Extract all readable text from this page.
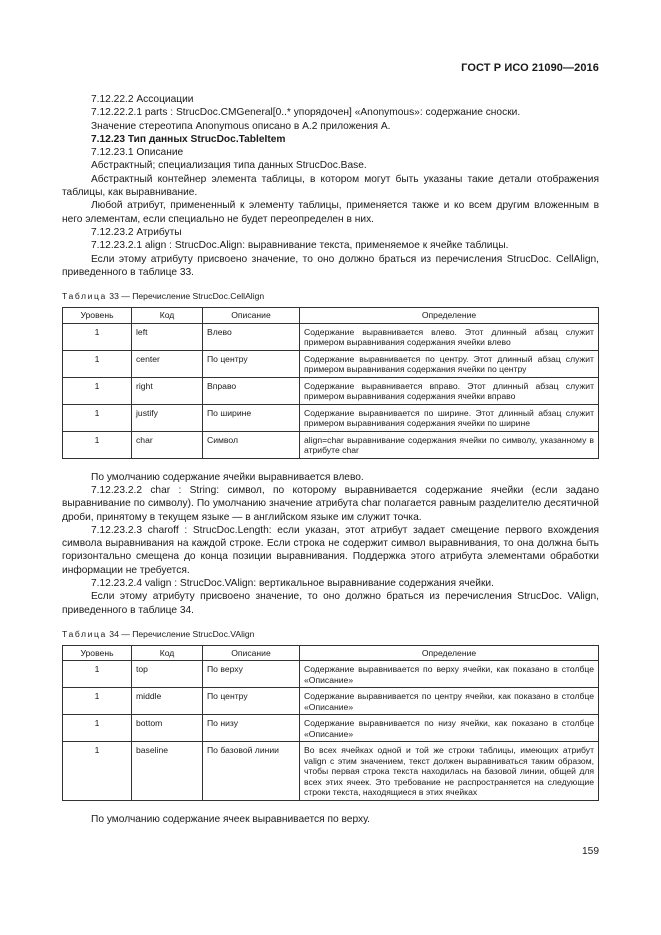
ГОСТ Р ИСО 21090—2016

7.12.22.2 Ассоциации

7.12.22.2.1 parts : StrucDoc.CMGeneral[0..* упорядочен] «Anonymous»: содержание сноски.

Значение стереотипа Anonymous описано в А.2 приложения А.

7.12.23 Тип данных StrucDoc.TableItem

7.12.23.1 Описание

Абстрактный; специализация типа данных StrucDoc.Base.

Абстрактный контейнер элемента таблицы, в котором могут быть указаны такие детали отображения таблицы, как выравнивание.

Любой атрибут, примененный к элементу таблицы, применяется также и ко всем другим вложенным в него элементам, если специально не будет переопределен в них.

7.12.23.2 Атрибуты

7.12.23.2.1 align : StrucDoc.Align: выравнивание текста, применяемое к ячейке таблицы.

Если этому атрибуту присвоено значение, то оно должно браться из перечисления StrucDoc. CellAlign, приведенного в таблице 33.

Таблица 33 — Перечисление StrucDoc.CellAlign
Уровень	Код	Описание	Определение
1	left	Влево	Содержание выравнивается влево. Этот длинный абзац служит примером выравнивания содержания ячейки влево
1	center	По центру	Содержание выравнивается по центру. Этот длинный абзац служит примером выравнивания содержания ячейки по центру
1	right	Вправо	Содержание выравнивается вправо. Этот длинный абзац служит примером выравнивания содержания ячейки вправо
1	justify	По ширине	Содержание выравнивается по ширине. Этот длинный абзац служит примером выравнивания содержания ячейки по ширине
1	char	Символ	align=char выравнивание содержания ячейки по символу, указанному в атрибуте char

По умолчанию содержание ячейки выравнивается влево.

7.12.23.2.2 char : String: символ, по которому выравнивается содержание ячейки (если задано выравнивание по символу). По умолчанию значение атрибута char полагается равным разделителю десятичной дроби, принятому в текущем языке — в английском языке им служит точка.

7.12.23.2.3 charoff : StrucDoc.Length: если указан, этот атрибут задает смещение первого вхождения символа выравнивания на каждой строке. Если строка не содержит символ выравнивания, то она должна быть горизонтально смещена до конца позиции выравнивания. Поддержка этого атрибута элементами обработки информации не требуется.

7.12.23.2.4 valign : StrucDoc.VAlign: вертикальное выравнивание содержания ячейки.

Если этому атрибуту присвоено значение, то оно должно браться из перечисления StrucDoc. VAlign, приведенного в таблице 34.

Таблица 34 — Перечисление StrucDoc.VAlign
Уровень	Код	Описание	Определение
1	top	По верху	Содержание выравнивается по верху ячейки, как показано в столбце «Описание»
1	middle	По центру	Содержание выравнивается по центру ячейки, как показано в столбце «Описание»
1	bottom	По низу	Содержание выравнивается по низу ячейки, как показано в столбце «Описание»
1	baseline	По базовой линии	Во всех ячейках одной и той же строки таблицы, имеющих атрибут valign с этим значением, текст должен выравниваться таким образом, чтобы первая строка текста находилась на базовой линии, общей для всех этих ячеек. Это требование не распространяется на следующие строки текста, находящиеся в этих ячейках

По умолчанию содержание ячеек выравнивается по верху.

159
